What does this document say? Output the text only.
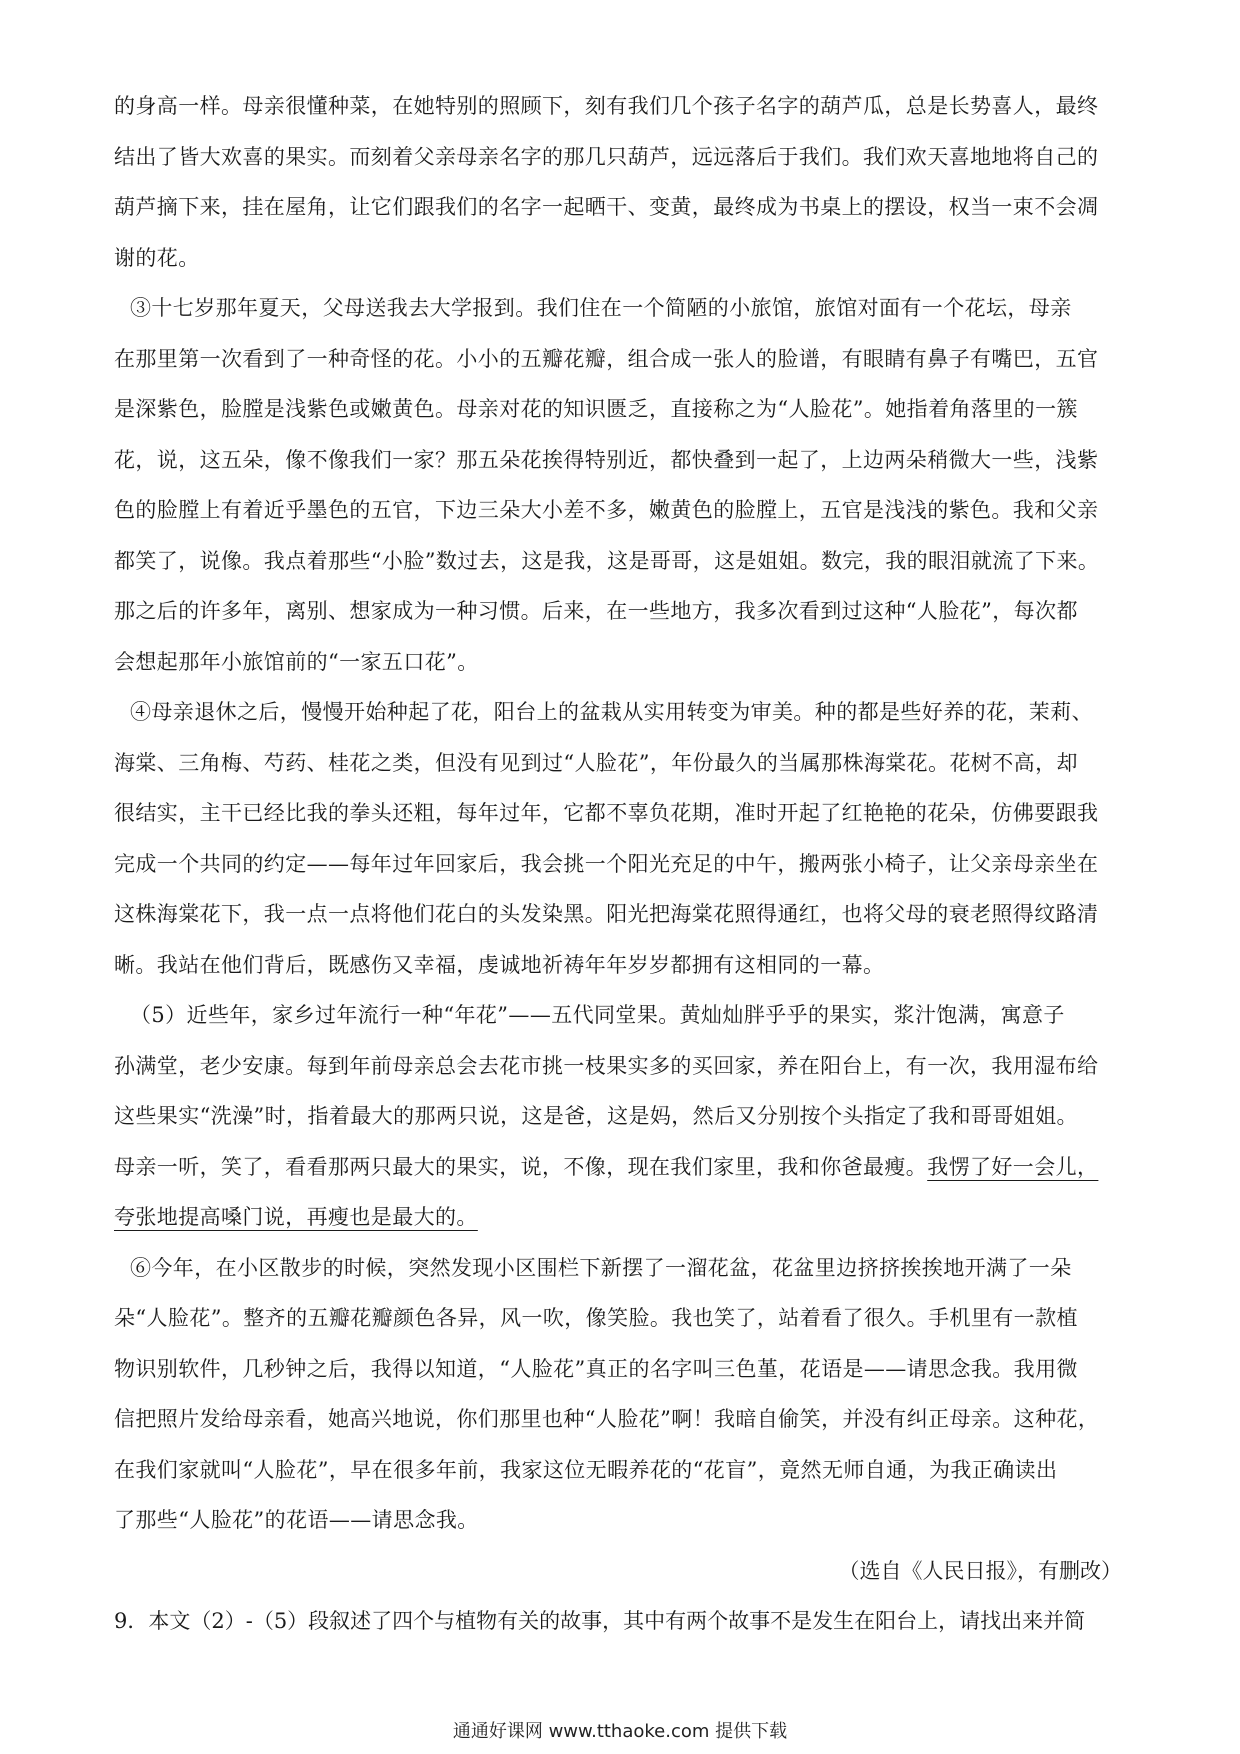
的身高一样。母亲很懂种菜，在她特别的照顾下，刻有我们几个孩子名字的葫芦瓜，总是长势喜人，最终
结出了皆大欢喜的果实。而刻着父亲母亲名字的那几只葫芦，远远落后于我们。我们欢天喜地地将自己的
葫芦摘下来，挂在屋角，让它们跟我们的名字一起晒干、变黄，最终成为书桌上的摆设，权当一束不会凋
谢的花。
③十七岁那年夏天，父母送我去大学报到。我们住在一个简陋的小旅馆，旅馆对面有一个花坛，母亲
在那里第一次看到了一种奇怪的花。小小的五瓣花瓣，组合成一张人的脸谱，有眼睛有鼻子有嘴巴，五官
是深紫色，脸膛是浅紫色或嫩黄色。母亲对花的知识匮乏，直接称之为“人脸花”。她指着角落里的一簇
花，说，这五朵，像不像我们一家？那五朵花挨得特别近，都快叠到一起了，上边两朵稍微大一些，浅紫
色的脸膛上有着近乎墨色的五官，下边三朵大小差不多，嫩黄色的脸膛上，五官是浅浅的紫色。我和父亲
都笑了，说像。我点着那些“小脸”数过去，这是我，这是哥哥，这是姐姐。数完，我的眼泪就流了下来。
那之后的许多年，离别、想家成为一种习惯。后来，在一些地方，我多次看到过这种“人脸花”，每次都
会想起那年小旅馆前的“一家五口花”。
④母亲退休之后，慢慢开始种起了花，阳台上的盆栽从实用转变为审美。种的都是些好养的花，茉莉、
海棠、三角梅、芍药、桂花之类，但没有见到过“人脸花”，年份最久的当属那株海棠花。花树不高，却
很结实，主干已经比我的拳头还粗，每年过年，它都不辜负花期，准时开起了红艳艳的花朵，仿佛要跟我
完成一个共同的约定——每年过年回家后，我会挑一个阳光充足的中午，搬两张小椅子，让父亲母亲坐在
这株海棠花下，我一点一点将他们花白的头发染黑。阳光把海棠花照得通红，也将父母的衰老照得纹路清
晰。我站在他们背后，既感伤又幸福，虔诚地祈祷年年岁岁都拥有这相同的一幕。
（5）近些年，家乡过年流行一种“年花”——五代同堂果。黄灿灿胖乎乎的果实，浆汁饱满，寓意子
孙满堂，老少安康。每到年前母亲总会去花市挑一枝果实多的买回家，养在阳台上，有一次，我用湿布给
这些果实“洗澡”时，指着最大的那两只说，这是爸，这是妈，然后又分别按个头指定了我和哥哥姐姐。
母亲一听，笑了，看看那两只最大的果实，说，不像，现在我们家里，我和你爸最瘦。我愣了好一会儿，
夸张地提高嗓门说，再瘦也是最大的。
⑥今年，在小区散步的时候，突然发现小区围栏下新摆了一溜花盆，花盆里边挤挤挨挨地开满了一朵
朵“人脸花”。整齐的五瓣花瓣颜色各异，风一吹，像笑脸。我也笑了，站着看了很久。手机里有一款植
物识别软件，几秒钟之后，我得以知道，“人脸花”真正的名字叫三色堇，花语是——请思念我。我用微
信把照片发给母亲看，她高兴地说，你们那里也种“人脸花”啊！我暗自偷笑，并没有纠正母亲。这种花，
在我们家就叫“人脸花”，早在很多年前，我家这位无暇养花的“花盲”，竟然无师自通，为我正确读出
了那些“人脸花”的花语——请思念我。
通通好课网 www.tthaoke.com 提供下载
（选自《人民日报》，有删改）
9．本文（2）-（5）段叙述了四个与植物有关的故事，其中有两个故事不是发生在阳台上，请找出来并简
